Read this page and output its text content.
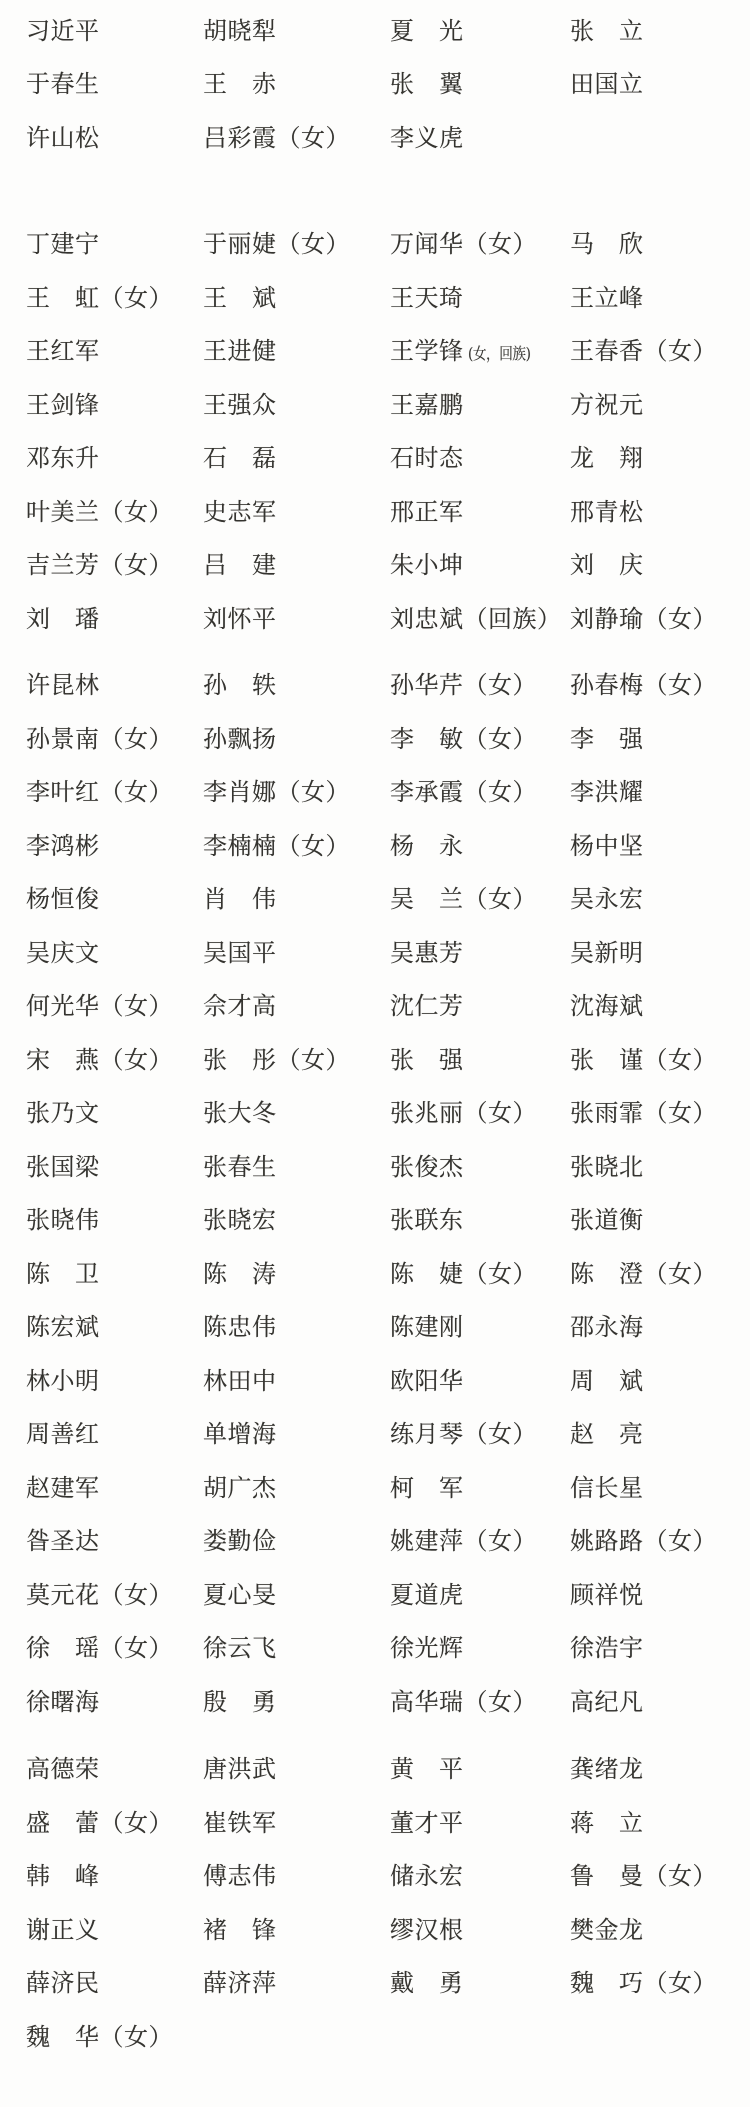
习近平	胡晓犁	夏　光	张　立
于春生	王　赤	张　翼	田国立
许山松	吕彩霞（女）	李义虎
丁建宁	于丽婕（女）	万闻华（女）	马　欣
王　虹（女）	王　斌	王天琦	王立峰
王红军	王进健	王学锋 (女，回族)	王春香（女）
王剑锋	王强众	王嘉鹏	方祝元
邓东升	石　磊	石时态	龙　翔
叶美兰（女）	史志军	邢正军	邢青松
吉兰芳（女）	吕　建	朱小坤	刘　庆
刘　璠	刘怀平	刘忠斌（回族） 刘静瑜（女）
许昆林	孙　轶	孙华芹（女）	孙春梅（女）
孙景南（女）	孙飘扬	李　敏（女）	李　强
李叶红（女）	李肖娜（女）	李承霞（女）	李洪耀
李鸿彬	李楠楠（女）	杨　永	杨中坚
杨恒俊	肖　伟	吴　兰（女）	吴永宏
吴庆文	吴国平	吴惠芳	吴新明
何光华（女）	佘才高	沈仁芳	沈海斌
宋　燕（女）	张　彤（女）	张　强	张　谨（女）
张乃文	张大冬	张兆丽（女）	张雨霏（女）
张国梁	张春生	张俊杰	张晓北
张晓伟	张晓宏	张联东	张道衡
陈　卫	陈　涛	陈　婕（女）	陈　澄（女）
陈宏斌	陈忠伟	陈建刚	邵永海
林小明	林田中	欧阳华	周　斌
周善红	单增海	练月琴（女）	赵　亮
赵建军	胡广杰	柯　军	信长星
昝圣达	娄勤俭	姚建萍（女）	姚路路（女）
莫元花（女）	夏心旻	夏道虎	顾祥悦
徐　瑶（女）	徐云飞	徐光辉	徐浩宇
徐曙海	殷　勇	高华瑞（女）	高纪凡
高德荣	唐洪武	黄　平	龚绪龙
盛　蕾（女）	崔铁军	董才平	蒋　立
韩　峰	傅志伟	储永宏	鲁　曼（女）
谢正义	褚　锋	缪汉根	樊金龙
薛济民	薛济萍	戴　勇	魏　巧（女）
魏　华（女）
